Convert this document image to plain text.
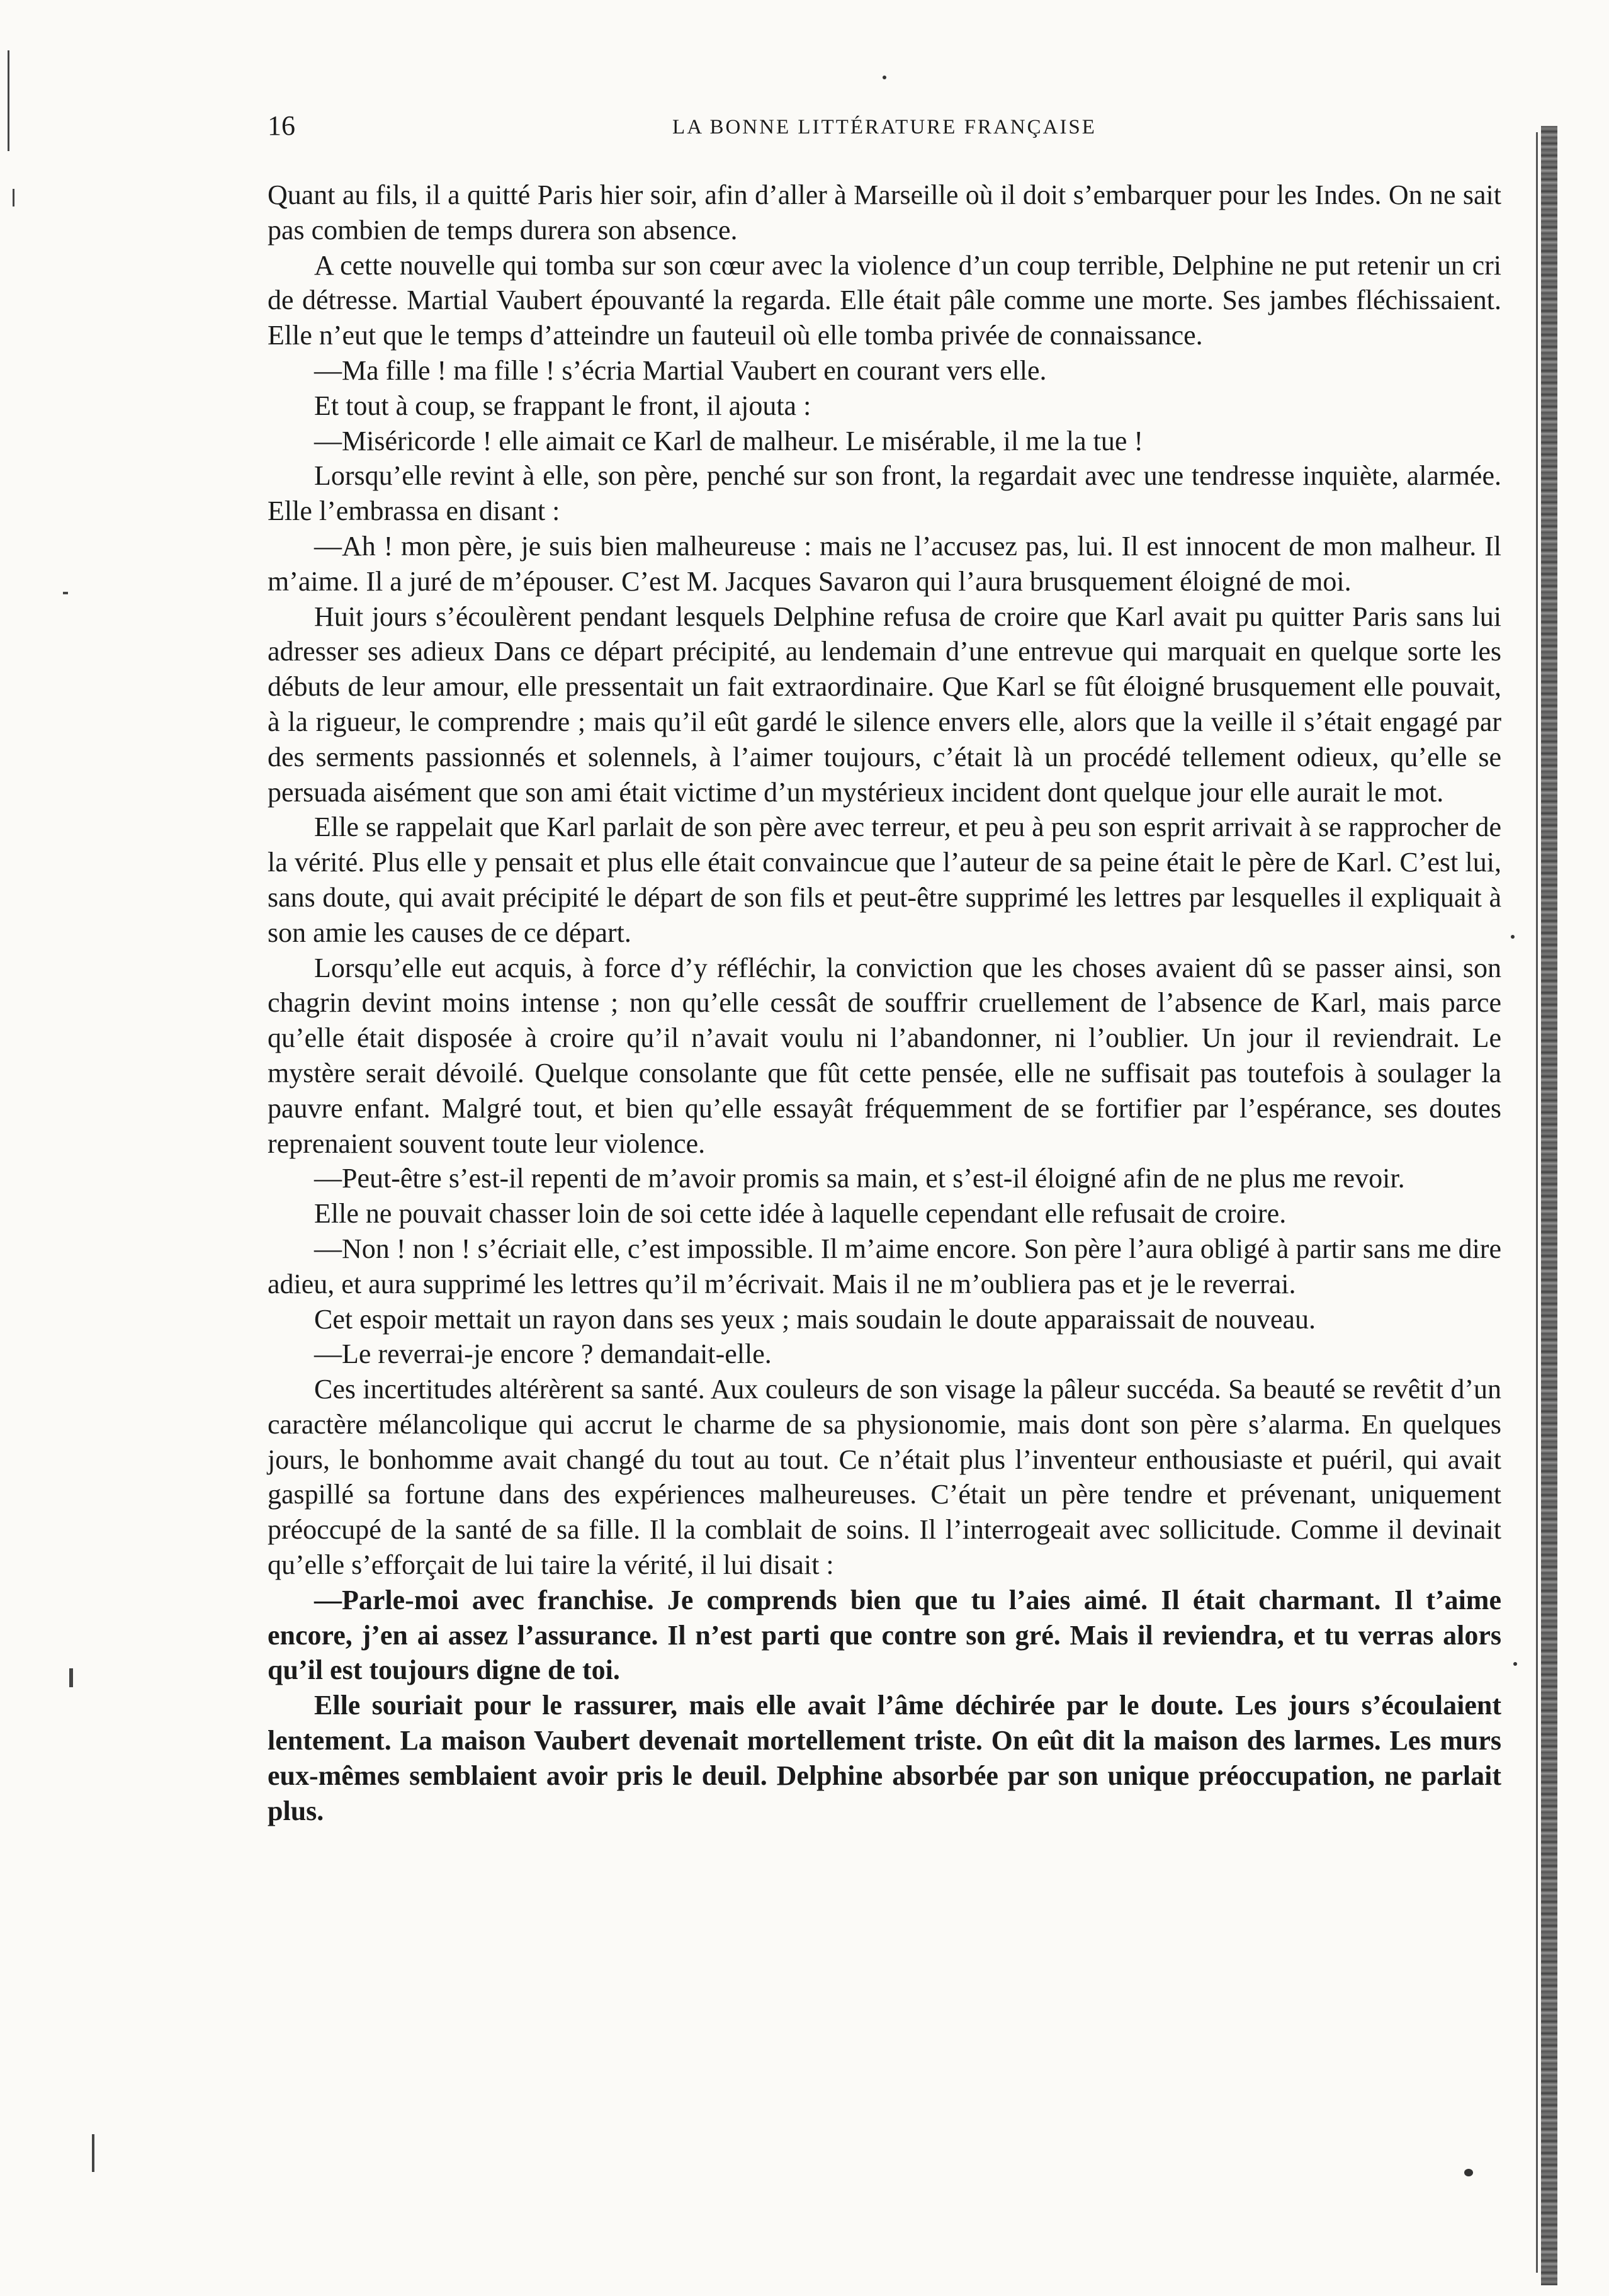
16	LA BONNE LITTÉRATURE FRANÇAISE

Quant au fils, il a quitté Paris hier soir, afin d’aller à Marseille où il doit s’embarquer pour les Indes. On ne sait pas combien de temps durera son absence.

A cette nouvelle qui tomba sur son cœur avec la violence d’un coup terrible, Delphine ne put retenir un cri de détresse. Martial Vaubert épouvanté la regarda. Elle était pâle comme une morte. Ses jambes fléchissaient. Elle n’eut que le temps d’atteindre un fauteuil où elle tomba privée de connaissance.

—Ma fille ! ma fille ! s’écria Martial Vaubert en courant vers elle.

Et tout à coup, se frappant le front, il ajouta :

—Miséricorde ! elle aimait ce Karl de malheur. Le misérable, il me la tue !

Lorsqu’elle revint à elle, son père, penché sur son front, la regardait avec une tendresse inquiète, alarmée. Elle l’embrassa en disant :

—Ah ! mon père, je suis bien malheureuse : mais ne l’accusez pas, lui. Il est innocent de mon malheur. Il m’aime. Il a juré de m’épouser. C’est M. Jacques Savaron qui l’aura brusquement éloigné de moi.

Huit jours s’écoulèrent pendant lesquels Delphine refusa de croire que Karl avait pu quitter Paris sans lui adresser ses adieux Dans ce départ précipité, au lendemain d’une entrevue qui marquait en quelque sorte les débuts de leur amour, elle pressentait un fait extraordinaire. Que Karl se fût éloigné brusquement elle pouvait, à la rigueur, le comprendre ; mais qu’il eût gardé le silence envers elle, alors que la veille il s’était engagé par des serments passionnés et solennels, à l’aimer toujours, c’était là un procédé tellement odieux, qu’elle se persuada aisément que son ami était victime d’un mystérieux incident dont quelque jour elle aurait le mot.

Elle se rappelait que Karl parlait de son père avec terreur, et peu à peu son esprit arrivait à se rapprocher de la vérité. Plus elle y pensait et plus elle était convaincue que l’auteur de sa peine était le père de Karl. C’est lui, sans doute, qui avait précipité le départ de son fils et peut-être supprimé les lettres par lesquelles il expliquait à son amie les causes de ce départ.

Lorsqu’elle eut acquis, à force d’y réfléchir, la conviction que les choses avaient dû se passer ainsi, son chagrin devint moins intense ; non qu’elle cessât de souffrir cruellement de l’absence de Karl, mais parce qu’elle était disposée à croire qu’il n’avait voulu ni l’abandonner, ni l’oublier. Un jour il reviendrait. Le mystère serait dévoilé. Quelque consolante que fût cette pensée, elle ne suffisait pas toutefois à soulager la pauvre enfant. Malgré tout, et bien qu’elle essayât fréquemment de se fortifier par l’espérance, ses doutes reprenaient souvent toute leur violence.

—Peut-être s’est-il repenti de m’avoir promis sa main, et s’est-il éloigné afin de ne plus me revoir.

Elle ne pouvait chasser loin de soi cette idée à laquelle cependant elle refusait de croire.

—Non ! non ! s’écriait elle, c’est impossible. Il m’aime encore. Son père l’aura obligé à partir sans me dire adieu, et aura supprimé les lettres qu’il m’écrivait. Mais il ne m’oubliera pas et je le reverrai.

Cet espoir mettait un rayon dans ses yeux ; mais soudain le doute apparaissait de nouveau.

—Le reverrai-je encore ? demandait-elle.

Ces incertitudes altérèrent sa santé. Aux couleurs de son visage la pâleur succéda. Sa beauté se revêtit d’un caractère mélancolique qui accrut le charme de sa physionomie, mais dont son père s’alarma. En quelques jours, le bonhomme avait changé du tout au tout. Ce n’était plus l’inventeur enthousiaste et puéril, qui avait gaspillé sa fortune dans des expériences malheureuses. C’était un père tendre et prévenant, uniquement préoccupé de la santé de sa fille. Il la comblait de soins. Il l’interrogeait avec sollicitude. Comme il devinait qu’elle s’efforçait de lui taire la vérité, il lui disait :

—Parle-moi avec franchise. Je comprends bien que tu l’aies aimé. Il était charmant. Il t’aime encore, j’en ai assez l’assurance. Il n’est parti que contre son gré. Mais il reviendra, et tu verras alors qu’il est toujours digne de toi.

Elle souriait pour le rassurer, mais elle avait l’âme déchirée par le doute. Les jours s’écoulaient lentement. La maison Vaubert devenait mortellement triste. On eût dit la maison des larmes. Les murs eux-mêmes semblaient avoir pris le deuil. Delphine absorbée par son unique préoccupation, ne parlait plus.
